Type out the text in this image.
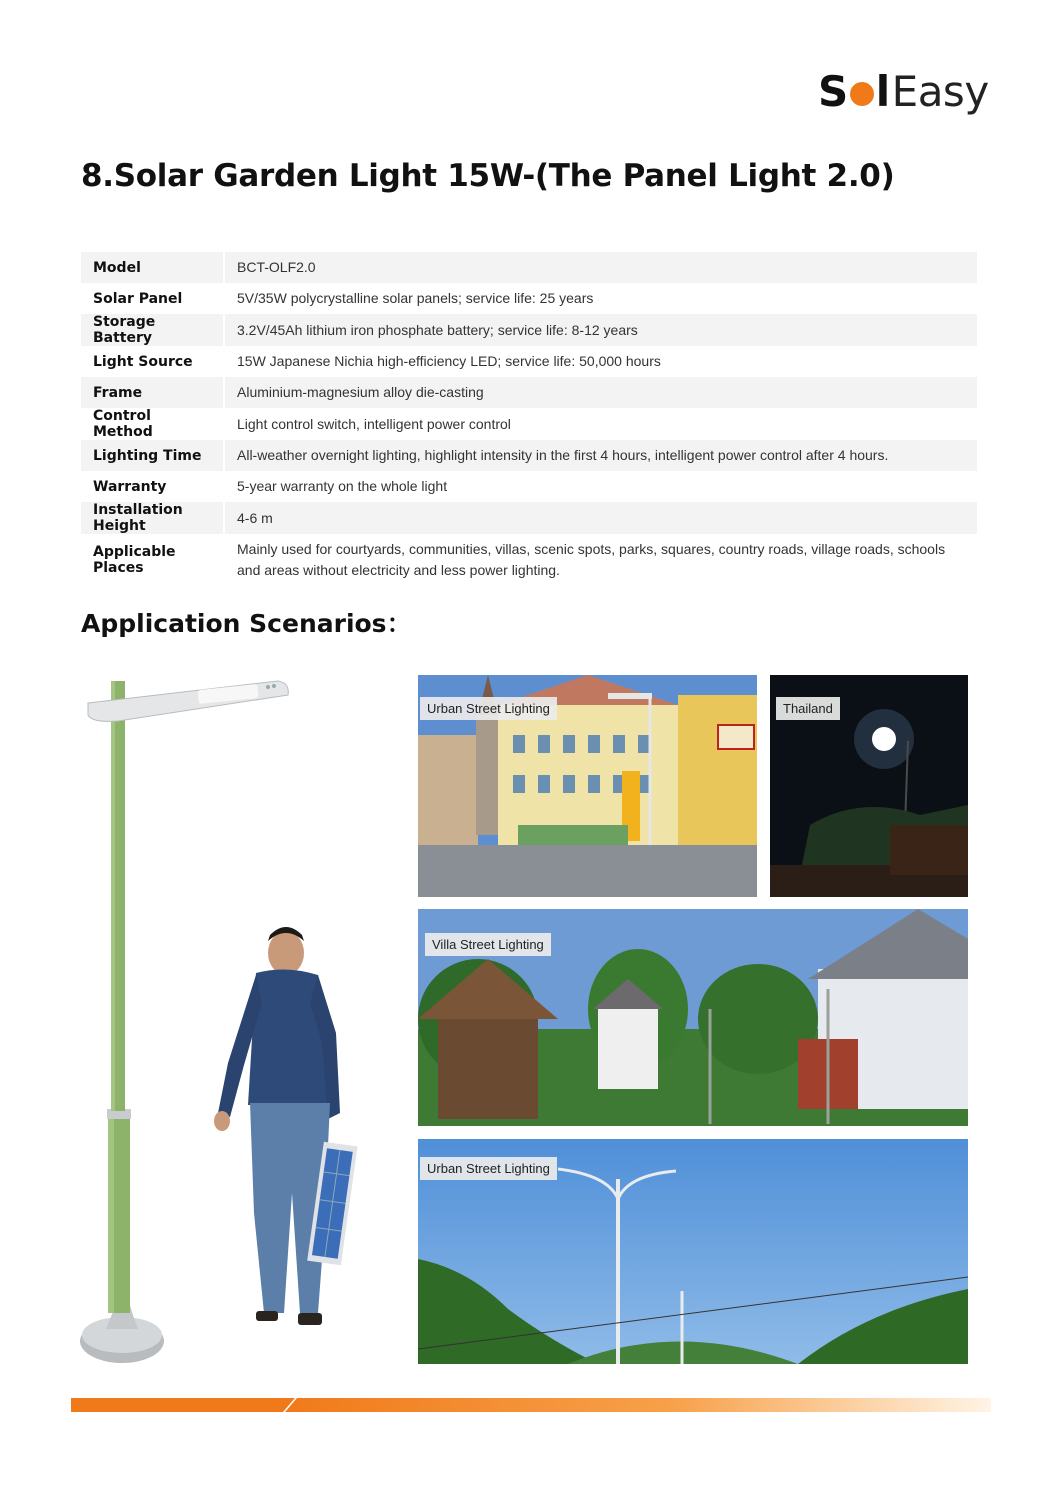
S l Easy
8.Solar Garden Light 15W-(The Panel Light 2.0)
Model	BCT-OLF2.0
Solar Panel	5V/35W polycrystalline solar panels; service life: 25 years
Storage Battery	3.2V/45Ah lithium iron phosphate battery; service life: 8-12 years
Light Source	15W Japanese Nichia high-efficiency LED; service life: 50,000 hours
Frame	Aluminium-magnesium alloy die-casting
Control Method	Light control switch, intelligent power control
Lighting Time	All-weather overnight lighting, highlight intensity in the first 4 hours, intelligent power control after 4 hours.
Warranty	5-year warranty on the whole light
Installation Height	4-6 m
Applicable Places	Mainly used for courtyards, communities, villas, scenic spots, parks, squares, country roads, village roads, schools and areas without electricity and less power lighting.
Application Scenarios：
Urban Street Lighting	Thailand
Villa Street Lighting
Urban Street Lighting
